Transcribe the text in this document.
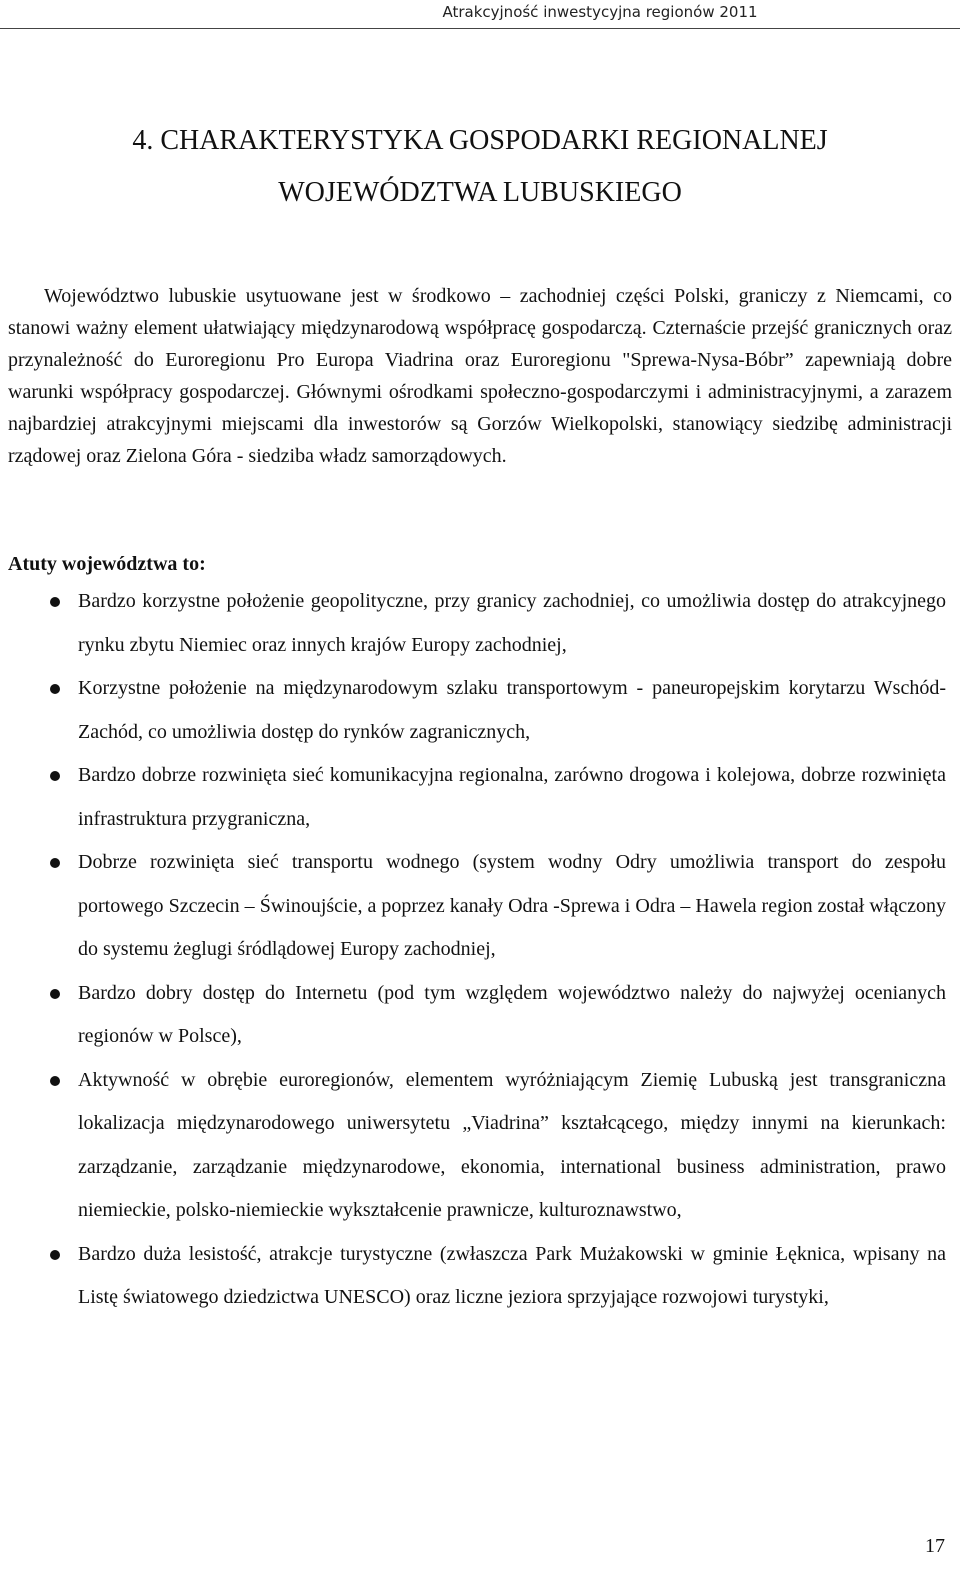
Atrakcyjność inwestycyjna regionów 2011
4. CHARAKTERYSTYKA GOSPODARKI REGIONALNEJ
WOJEWÓDZTWA LUBUSKIEGO

Województwo lubuskie usytuowane jest w środkowo – zachodniej części Polski, graniczy z Niemcami, co stanowi ważny element ułatwiający międzynarodową współpracę gospodarczą. Czternaście przejść granicznych oraz przynależność do Euroregionu Pro Europa Viadrina oraz Euroregionu "Sprewa-Nysa-Bóbr” zapewniają dobre warunki współpracy gospodarczej. Głównymi ośrodkami społeczno-gospodarczymi i administracyjnymi, a zarazem najbardziej atrakcyjnymi miejscami dla inwestorów są Gorzów Wielkopolski, stanowiący siedzibę administracji rządowej oraz Zielona Góra - siedziba władz samorządowych.

Atuty województwa to:

Bardzo korzystne położenie geopolityczne, przy granicy zachodniej, co umożliwia dostęp do atrakcyjnego rynku zbytu Niemiec oraz innych krajów Europy zachodniej,
Korzystne położenie na międzynarodowym szlaku transportowym - paneuropejskim korytarzu Wschód-Zachód, co umożliwia dostęp do rynków zagranicznych,
Bardzo dobrze rozwinięta sieć komunikacyjna regionalna, zarówno drogowa i kolejowa, dobrze rozwinięta infrastruktura przygraniczna,
Dobrze rozwinięta sieć transportu wodnego (system wodny Odry umożliwia transport do zespołu portowego Szczecin – Świnoujście, a poprzez kanały Odra -Sprewa i Odra – Hawela region został włączony do systemu żeglugi śródlądowej Europy zachodniej,
Bardzo dobry dostęp do Internetu (pod tym względem województwo należy do najwyżej ocenianych regionów w Polsce),
Aktywność w obrębie euroregionów, elementem wyróżniającym Ziemię Lubuską jest transgraniczna lokalizacja międzynarodowego uniwersytetu „Viadrina” kształcącego, między innymi na kierunkach: zarządzanie, zarządzanie międzynarodowe, ekonomia, international business administration, prawo niemieckie, polsko-niemieckie wykształcenie prawnicze, kulturoznawstwo,
Bardzo duża lesistość, atrakcje turystyczne (zwłaszcza Park Mużakowski w gminie Łęknica, wpisany na Listę światowego dziedzictwa UNESCO) oraz liczne jeziora sprzyjające rozwojowi turystyki,
17
